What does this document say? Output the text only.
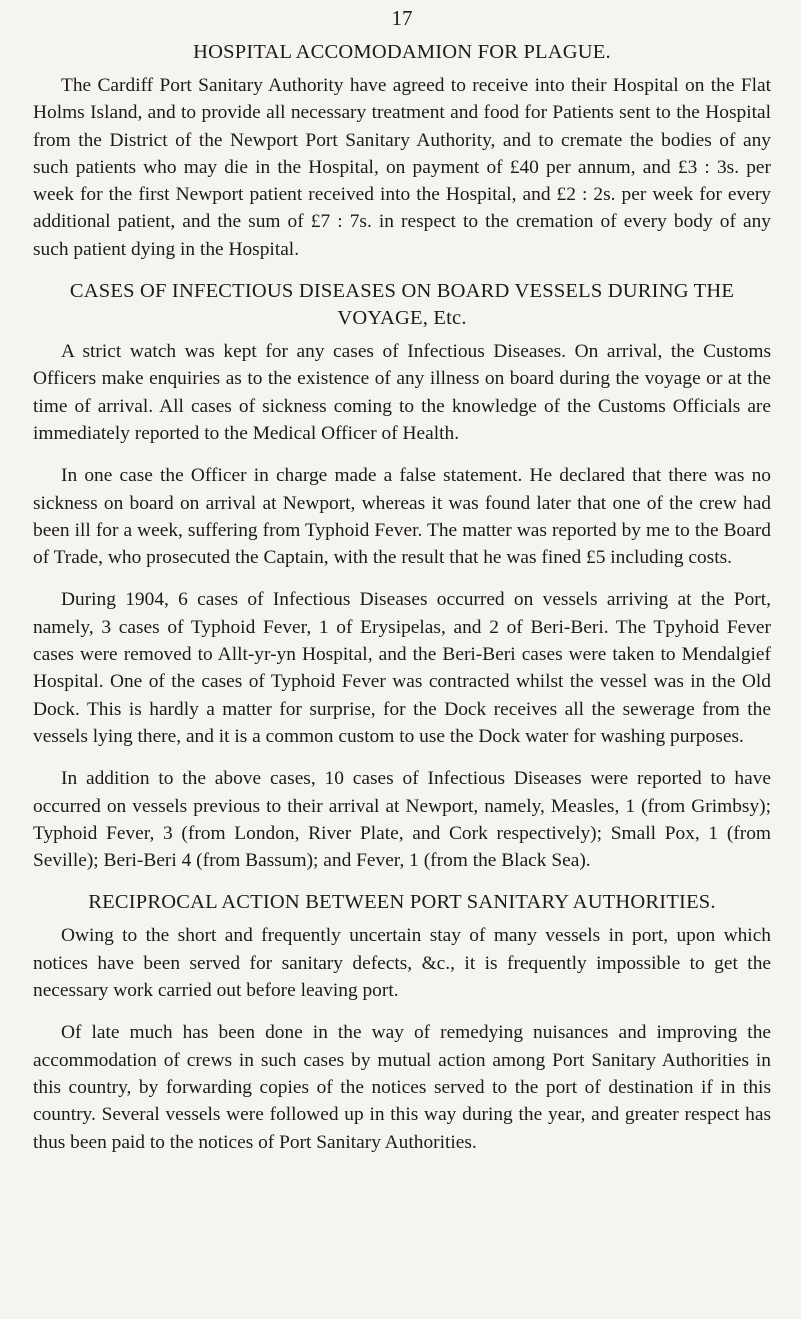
17
HOSPITAL ACCOMODAMION FOR PLAGUE.

The Cardiff Port Sanitary Authority have agreed to receive into their Hospital on the Flat Holms Island, and to provide all necessary treatment and food for Patients sent to the Hospital from the District of the Newport Port Sanitary Authority, and to cremate the bodies of any such patients who may die in the Hospital, on payment of £40 per annum, and £3 : 3s. per week for the first Newport patient received into the Hospital, and £2 : 2s. per week for every additional patient, and the sum of £7 : 7s. in respect to the cremation of every body of any such patient dying in the Hospital.

CASES OF INFECTIOUS DISEASES ON BOARD VESSELS DURING THE VOYAGE, Etc.

A strict watch was kept for any cases of Infectious Diseases. On arrival, the Customs Officers make enquiries as to the existence of any illness on board during the voyage or at the time of arrival. All cases of sickness coming to the knowledge of the Customs Officials are immediately reported to the Medical Officer of Health.

In one case the Officer in charge made a false statement. He declared that there was no sickness on board on arrival at Newport, whereas it was found later that one of the crew had been ill for a week, suffering from Typhoid Fever. The matter was reported by me to the Board of Trade, who prosecuted the Captain, with the result that he was fined £5 including costs.

During 1904, 6 cases of Infectious Diseases occurred on vessels arriving at the Port, namely, 3 cases of Typhoid Fever, 1 of Erysipelas, and 2 of Beri-Beri. The Tpyhoid Fever cases were removed to Allt-yr-yn Hospital, and the Beri-Beri cases were taken to Mendalgief Hospital. One of the cases of Typhoid Fever was contracted whilst the vessel was in the Old Dock. This is hardly a matter for surprise, for the Dock receives all the sewerage from the vessels lying there, and it is a common custom to use the Dock water for washing purposes.

In addition to the above cases, 10 cases of Infectious Diseases were reported to have occurred on vessels previous to their arrival at Newport, namely, Measles, 1 (from Grimbsy); Typhoid Fever, 3 (from London, River Plate, and Cork respectively); Small Pox, 1 (from Seville); Beri-Beri 4 (from Bassum); and Fever, 1 (from the Black Sea).

RECIPROCAL ACTION BETWEEN PORT SANITARY AUTHORITIES.

Owing to the short and frequently uncertain stay of many vessels in port, upon which notices have been served for sanitary defects, &c., it is frequently impossible to get the necessary work carried out before leaving port.

Of late much has been done in the way of remedying nuisances and improving the accommodation of crews in such cases by mutual action among Port Sanitary Authorities in this country, by forwarding copies of the notices served to the port of destination if in this country. Several vessels were followed up in this way during the year, and greater respect has thus been paid to the notices of Port Sanitary Authorities.
